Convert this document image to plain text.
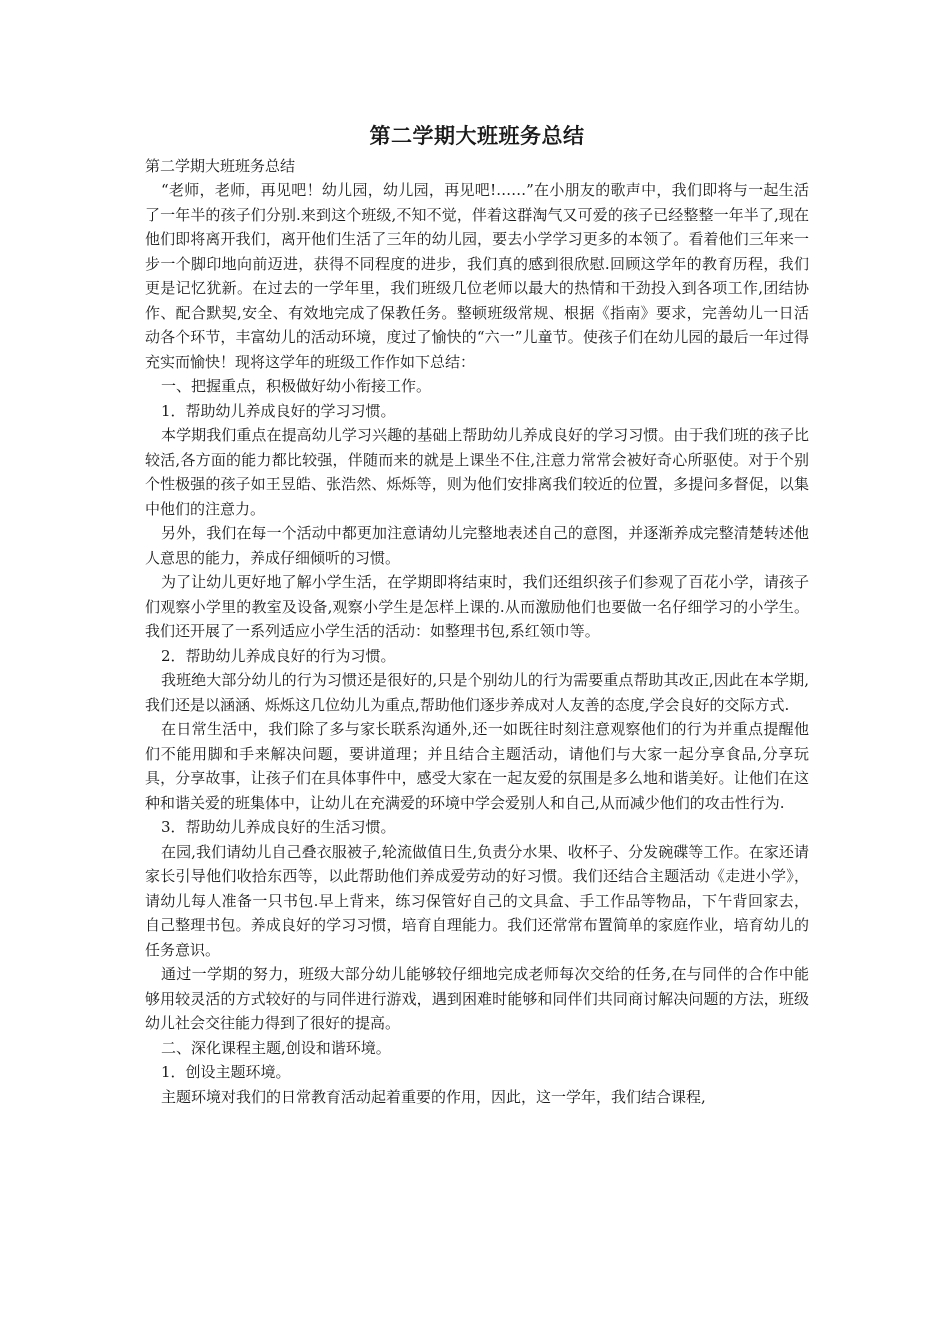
第二学期大班班务总结

第二学期大班班务总结

“老师，老师，再见吧！幼儿园，幼儿园，再见吧!……”在小朋友的歌声中，我们即将与一起生活了一年半的孩子们分别.来到这个班级,不知不觉，伴着这群淘气又可爱的孩子已经整整一年半了,现在他们即将离开我们，离开他们生活了三年的幼儿园，要去小学学习更多的本领了。看着他们三年来一步一个脚印地向前迈进，获得不同程度的进步，我们真的感到很欣慰.回顾这学年的教育历程，我们更是记忆犹新。在过去的一学年里，我们班级几位老师以最大的热情和干劲投入到各项工作,团结协作、配合默契,安全、有效地完成了保教任务。整顿班级常规、根据《指南》要求，完善幼儿一日活动各个环节，丰富幼儿的活动环境，度过了愉快的“六一”儿童节。使孩子们在幼儿园的最后一年过得充实而愉快！现将这学年的班级工作作如下总结：

一、把握重点，积极做好幼小衔接工作。

1．帮助幼儿养成良好的学习习惯。

本学期我们重点在提高幼儿学习兴趣的基础上帮助幼儿养成良好的学习习惯。由于我们班的孩子比较活,各方面的能力都比较强，伴随而来的就是上课坐不住,注意力常常会被好奇心所驱使。对于个别个性极强的孩子如王昱皓、张浩然、烁烁等，则为他们安排离我们较近的位置，多提问多督促，以集中他们的注意力。

另外，我们在每一个活动中都更加注意请幼儿完整地表述自己的意图，并逐渐养成完整清楚转述他人意思的能力，养成仔细倾听的习惯。

为了让幼儿更好地了解小学生活，在学期即将结束时，我们还组织孩子们参观了百花小学，请孩子们观察小学里的教室及设备,观察小学生是怎样上课的.从而激励他们也要做一名仔细学习的小学生。我们还开展了一系列适应小学生活的活动：如整理书包,系红领巾等。

2．帮助幼儿养成良好的行为习惯。

我班绝大部分幼儿的行为习惯还是很好的,只是个别幼儿的行为需要重点帮助其改正,因此在本学期,我们还是以涵涵、烁烁这几位幼儿为重点,帮助他们逐步养成对人友善的态度,学会良好的交际方式.

在日常生活中，我们除了多与家长联系沟通外,还一如既往时刻注意观察他们的行为并重点提醒他们不能用脚和手来解决问题，要讲道理；并且结合主题活动，请他们与大家一起分享食品,分享玩具，分享故事，让孩子们在具体事件中，感受大家在一起友爱的氛围是多么地和谐美好。让他们在这种和谐关爱的班集体中，让幼儿在充满爱的环境中学会爱别人和自己,从而减少他们的攻击性行为.

3．帮助幼儿养成良好的生活习惯。

在园,我们请幼儿自己叠衣服被子,轮流做值日生,负责分水果、收杯子、分发碗碟等工作。在家还请家长引导他们收拾东西等，以此帮助他们养成爱劳动的好习惯。我们还结合主题活动《走进小学》，请幼儿每人准备一只书包.早上背来，练习保管好自己的文具盒、手工作品等物品，下午背回家去，自己整理书包。养成良好的学习习惯，培育自理能力。我们还常常布置简单的家庭作业，培育幼儿的任务意识。

通过一学期的努力，班级大部分幼儿能够较仔细地完成老师每次交给的任务,在与同伴的合作中能够用较灵活的方式较好的与同伴进行游戏，遇到困难时能够和同伴们共同商讨解决问题的方法，班级幼儿社会交往能力得到了很好的提高。

二、深化课程主题,创设和谐环境。

1．创设主题环境。

主题环境对我们的日常教育活动起着重要的作用，因此，这一学年，我们结合课程,
